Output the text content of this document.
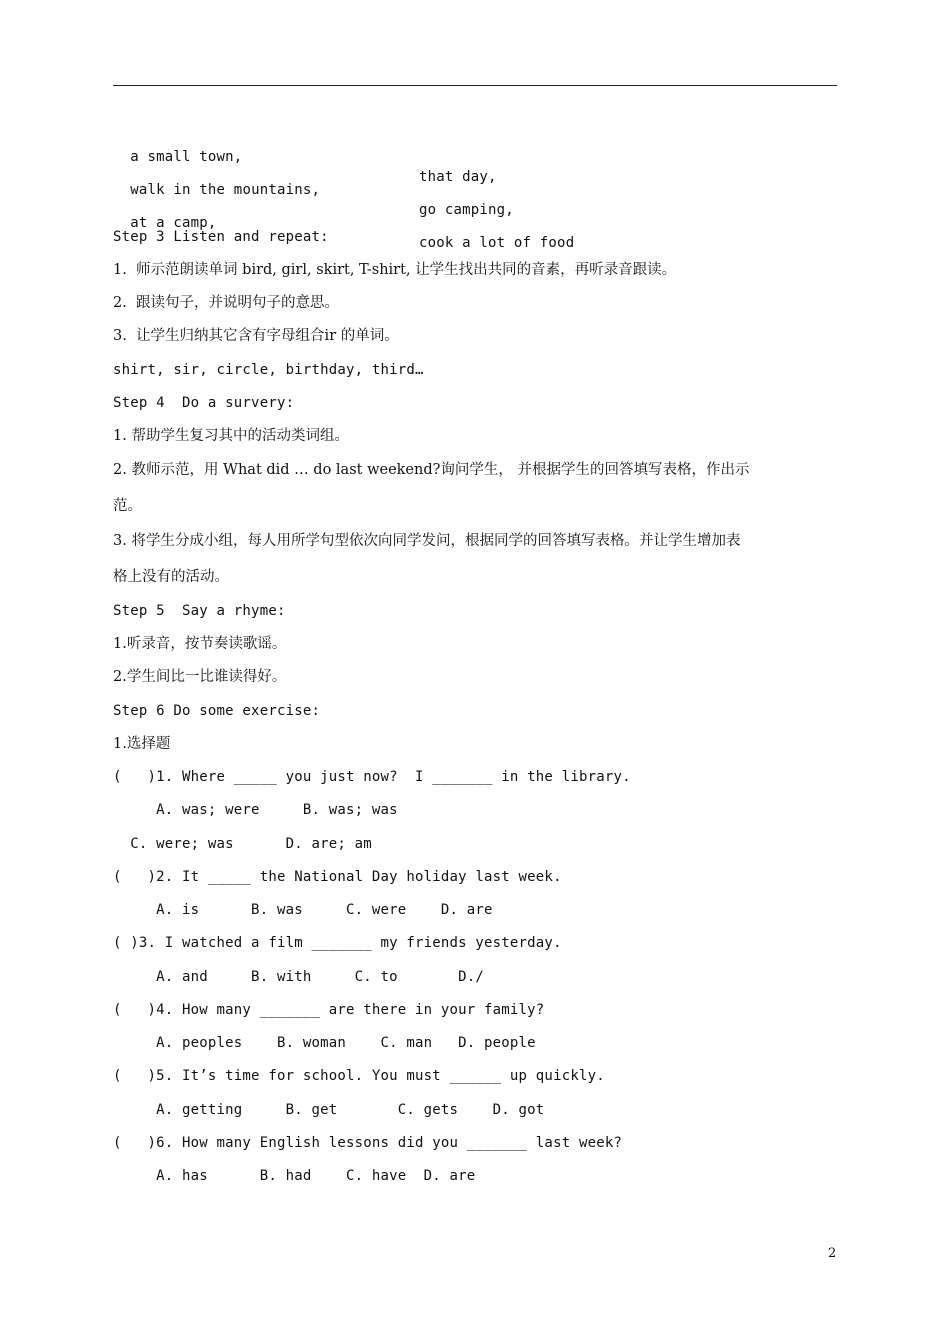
a small town,

that day,

walk in the mountains,

go camping,

at a camp,

cook a lot of food

Step 3 Listen and repeat:
1.  师示范朗读单词 bird, girl, skirt, T-shirt, 让学生找出共同的音素，再听录音跟读。
2.  跟读句子，并说明句子的意思。
3.  让学生归纳其它含有字母组合ir 的单词。
shirt, sir, circle, birthday, third…
Step 4  Do a survery:
1. 帮助学生复习其中的活动类词组。
2. 教师示范，用 What did … do last weekend?询问学生， 并根据学生的回答填写表格，作出示
范。
3. 将学生分成小组，每人用所学句型依次向同学发问，根据同学的回答填写表格。并让学生增加表
格上没有的活动。
Step 5  Say a rhyme:
1.听录音，按节奏读歌谣。
2.学生间比一比谁读得好。
Step 6 Do some exercise:
1.选择题
(   )1. Where _____ you just now?  I _______ in the library.
A. was; were     B. was; was
C. were; was      D. are; am
(   )2. It _____ the National Day holiday last week.
A. is      B. was     C. were    D. are
( )3. I watched a film _______ my friends yesterday.
A. and     B. with     C. to       D./
(   )4. How many _______ are there in your family?
A. peoples    B. woman    C. man   D. people
(   )5. It’s time for school. You must ______ up quickly.
A. getting     B. get       C. gets    D. got
(   )6. How many English lessons did you _______ last week?
A. has      B. had    C. have  D. are
2
